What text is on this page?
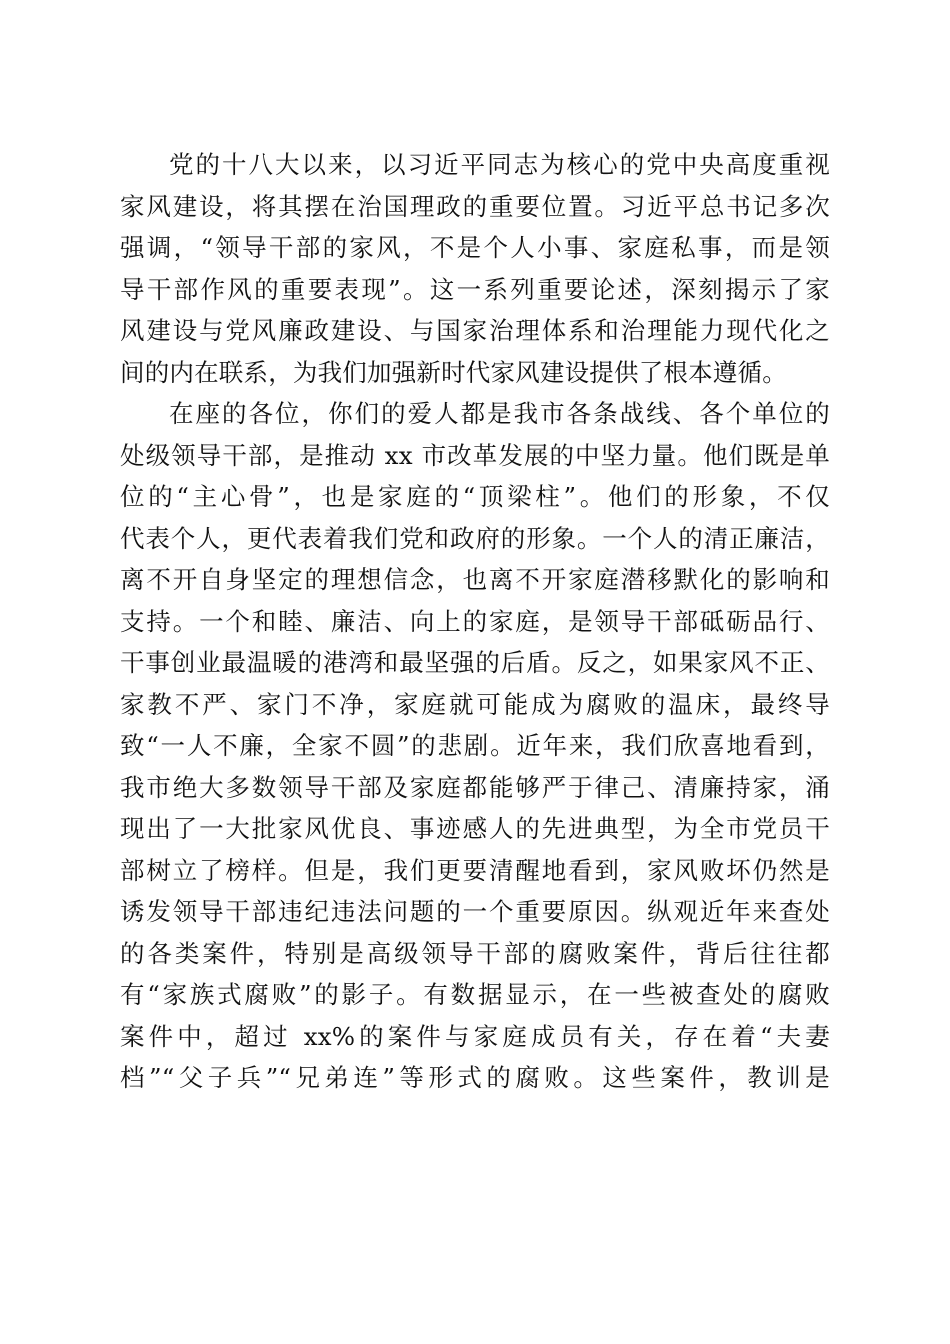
党的十八大以来，以习近平同志为核心的党中央高度重视
家风建设，将其摆在治国理政的重要位置。习近平总书记多次
强调，“领导干部的家风，不是个人小事、家庭私事，而是领
导干部作风的重要表现”。这一系列重要论述，深刻揭示了家
风建设与党风廉政建设、与国家治理体系和治理能力现代化之
间的内在联系，为我们加强新时代家风建设提供了根本遵循。
在座的各位，你们的爱人都是我市各条战线、各个单位的
处级领导干部，是推动 xx 市改革发展的中坚力量。他们既是单
位的“主心骨”，也是家庭的“顶梁柱”。他们的形象，不仅
代表个人，更代表着我们党和政府的形象。一个人的清正廉洁，
离不开自身坚定的理想信念，也离不开家庭潜移默化的影响和
支持。一个和睦、廉洁、向上的家庭，是领导干部砥砺品行、
干事创业最温暖的港湾和最坚强的后盾。反之，如果家风不正、
家教不严、家门不净，家庭就可能成为腐败的温床，最终导
致“一人不廉，全家不圆”的悲剧。近年来，我们欣喜地看到，
我市绝大多数领导干部及家庭都能够严于律己、清廉持家，涌
现出了一大批家风优良、事迹感人的先进典型，为全市党员干
部树立了榜样。但是，我们更要清醒地看到，家风败坏仍然是
诱发领导干部违纪违法问题的一个重要原因。纵观近年来查处
的各类案件，特别是高级领导干部的腐败案件，背后往往都
有“家族式腐败”的影子。有数据显示，在一些被查处的腐败
案件中，超过 xx%的案件与家庭成员有关，存在着“夫妻
档”“父子兵”“兄弟连”等形式的腐败。这些案件，教训是
